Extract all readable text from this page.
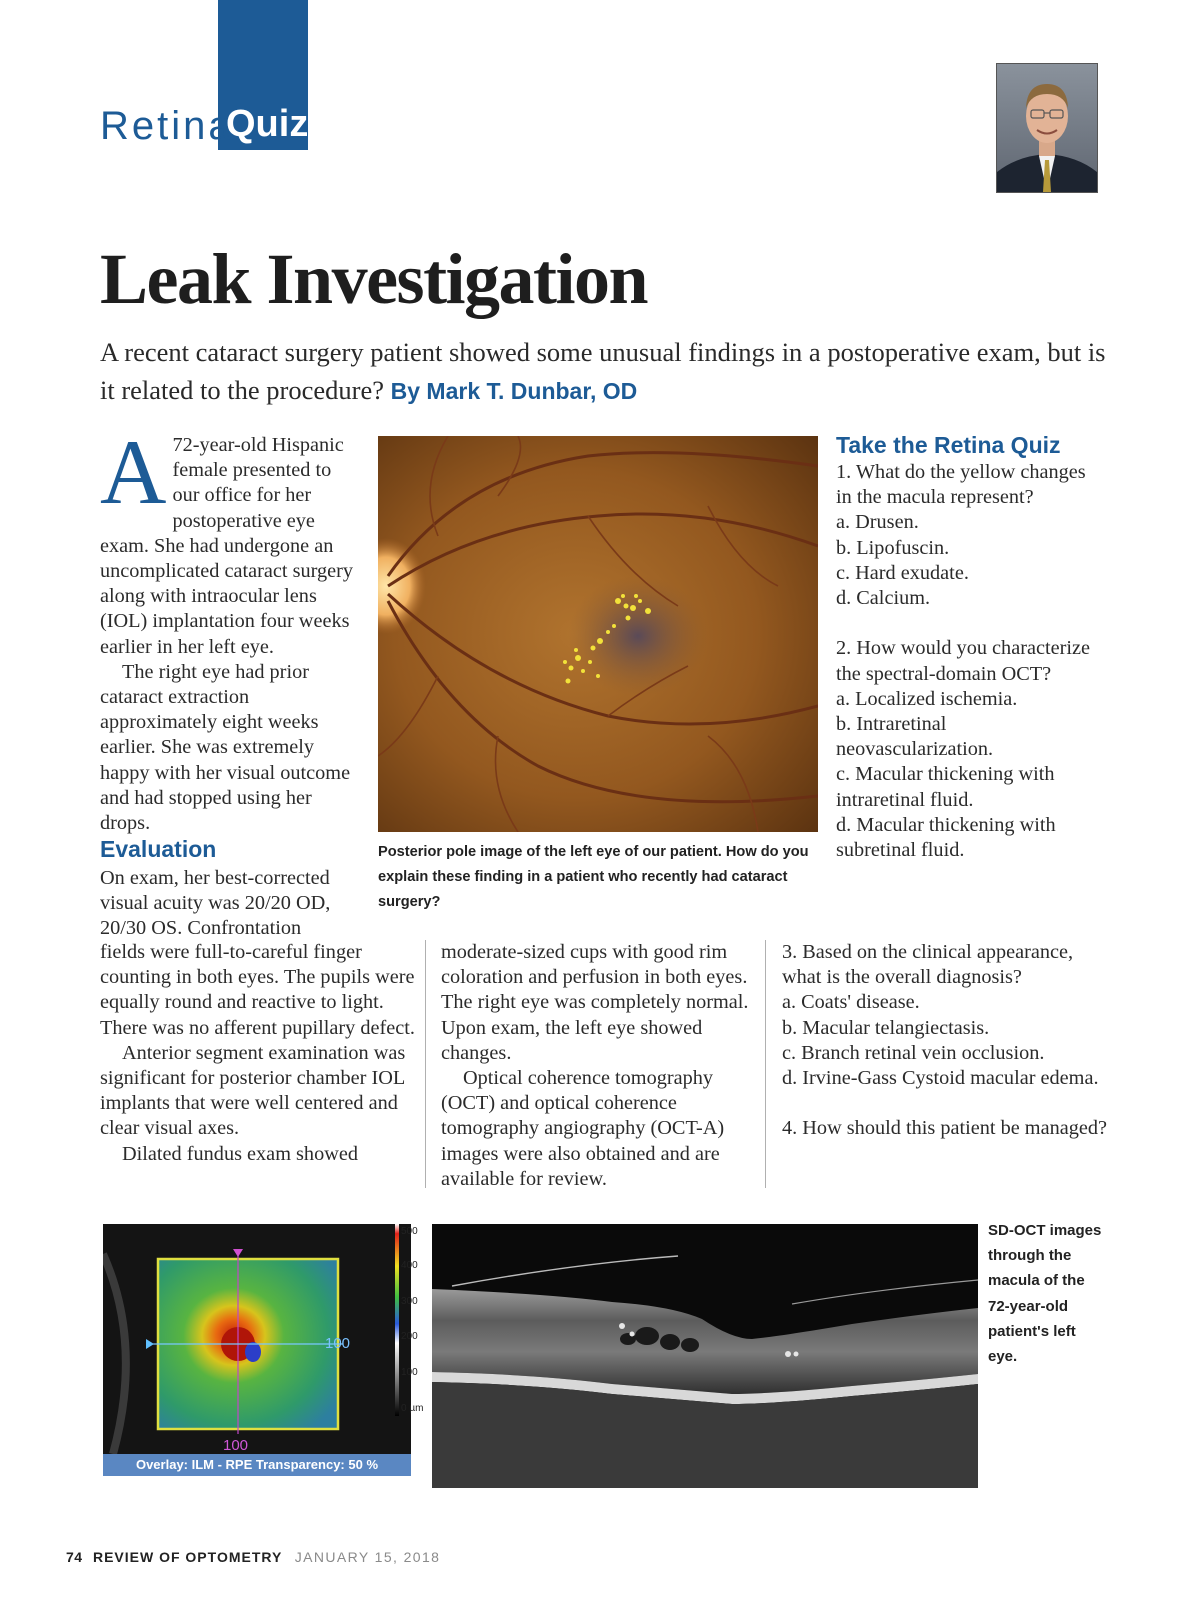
Quiz
Retina
Leak Investigation
A recent cataract surgery patient showed some unusual findings in a postoperative exam, but is it related to the procedure? By Mark T. Dunbar, OD

A 72-year-old Hispanic female presented to our office for her postoperative eye exam. She had undergone an uncomplicated cataract surgery along with intraocular lens (IOL) implantation four weeks earlier in her left eye.

The right eye had prior cataract extraction approximately eight weeks earlier. She was extremely happy with her visual outcome and had stopped using her drops.

Evaluation
On exam, her best-corrected visual acuity was 20/20 OD, 20/30 OS. Confrontation

fields were full-to-careful finger counting in both eyes. The pupils were equally round and reactive to light. There was no afferent pupillary defect.

Anterior segment examination was significant for posterior chamber IOL implants that were well centered and clear visual axes.

Dilated fundus exam showed

moderate-sized cups with good rim coloration and perfusion in both eyes. The right eye was completely normal. Upon exam, the left eye showed changes.

Optical coherence tomography (OCT) and optical coherence tomography angiography (OCT-A) images were also obtained and are available for review.

Take the Retina Quiz

1. What do the yellow changes in the macula represent?

a. Drusen.

b. Lipofuscin.

c. Hard exudate.

d. Calcium.

2. How would you characterize the spectral-domain OCT?

a. Localized ischemia.

b. Intraretinal neovascularization.

c. Macular thickening with intraretinal fluid.

d. Macular thickening with subretinal fluid.

3. Based on the clinical appearance, what is the overall diagnosis?

a. Coats' disease.

b. Macular telangiectasis.

c. Branch retinal vein occlusion.

d. Irvine-Gass Cystoid macular edema.

4. How should this patient be managed?

Posterior pole image of the left eye of our patient. How do you explain these finding in a patient who recently had cataract surgery?
100
100
Overlay: ILM - RPE Transparency: 50 %
500
400
300
200
100
0 µm
SD-OCT images through the macula of the 72-year-old patient's left eye.
74 REVIEW OF OPTOMETRY JANUARY 15, 2018
